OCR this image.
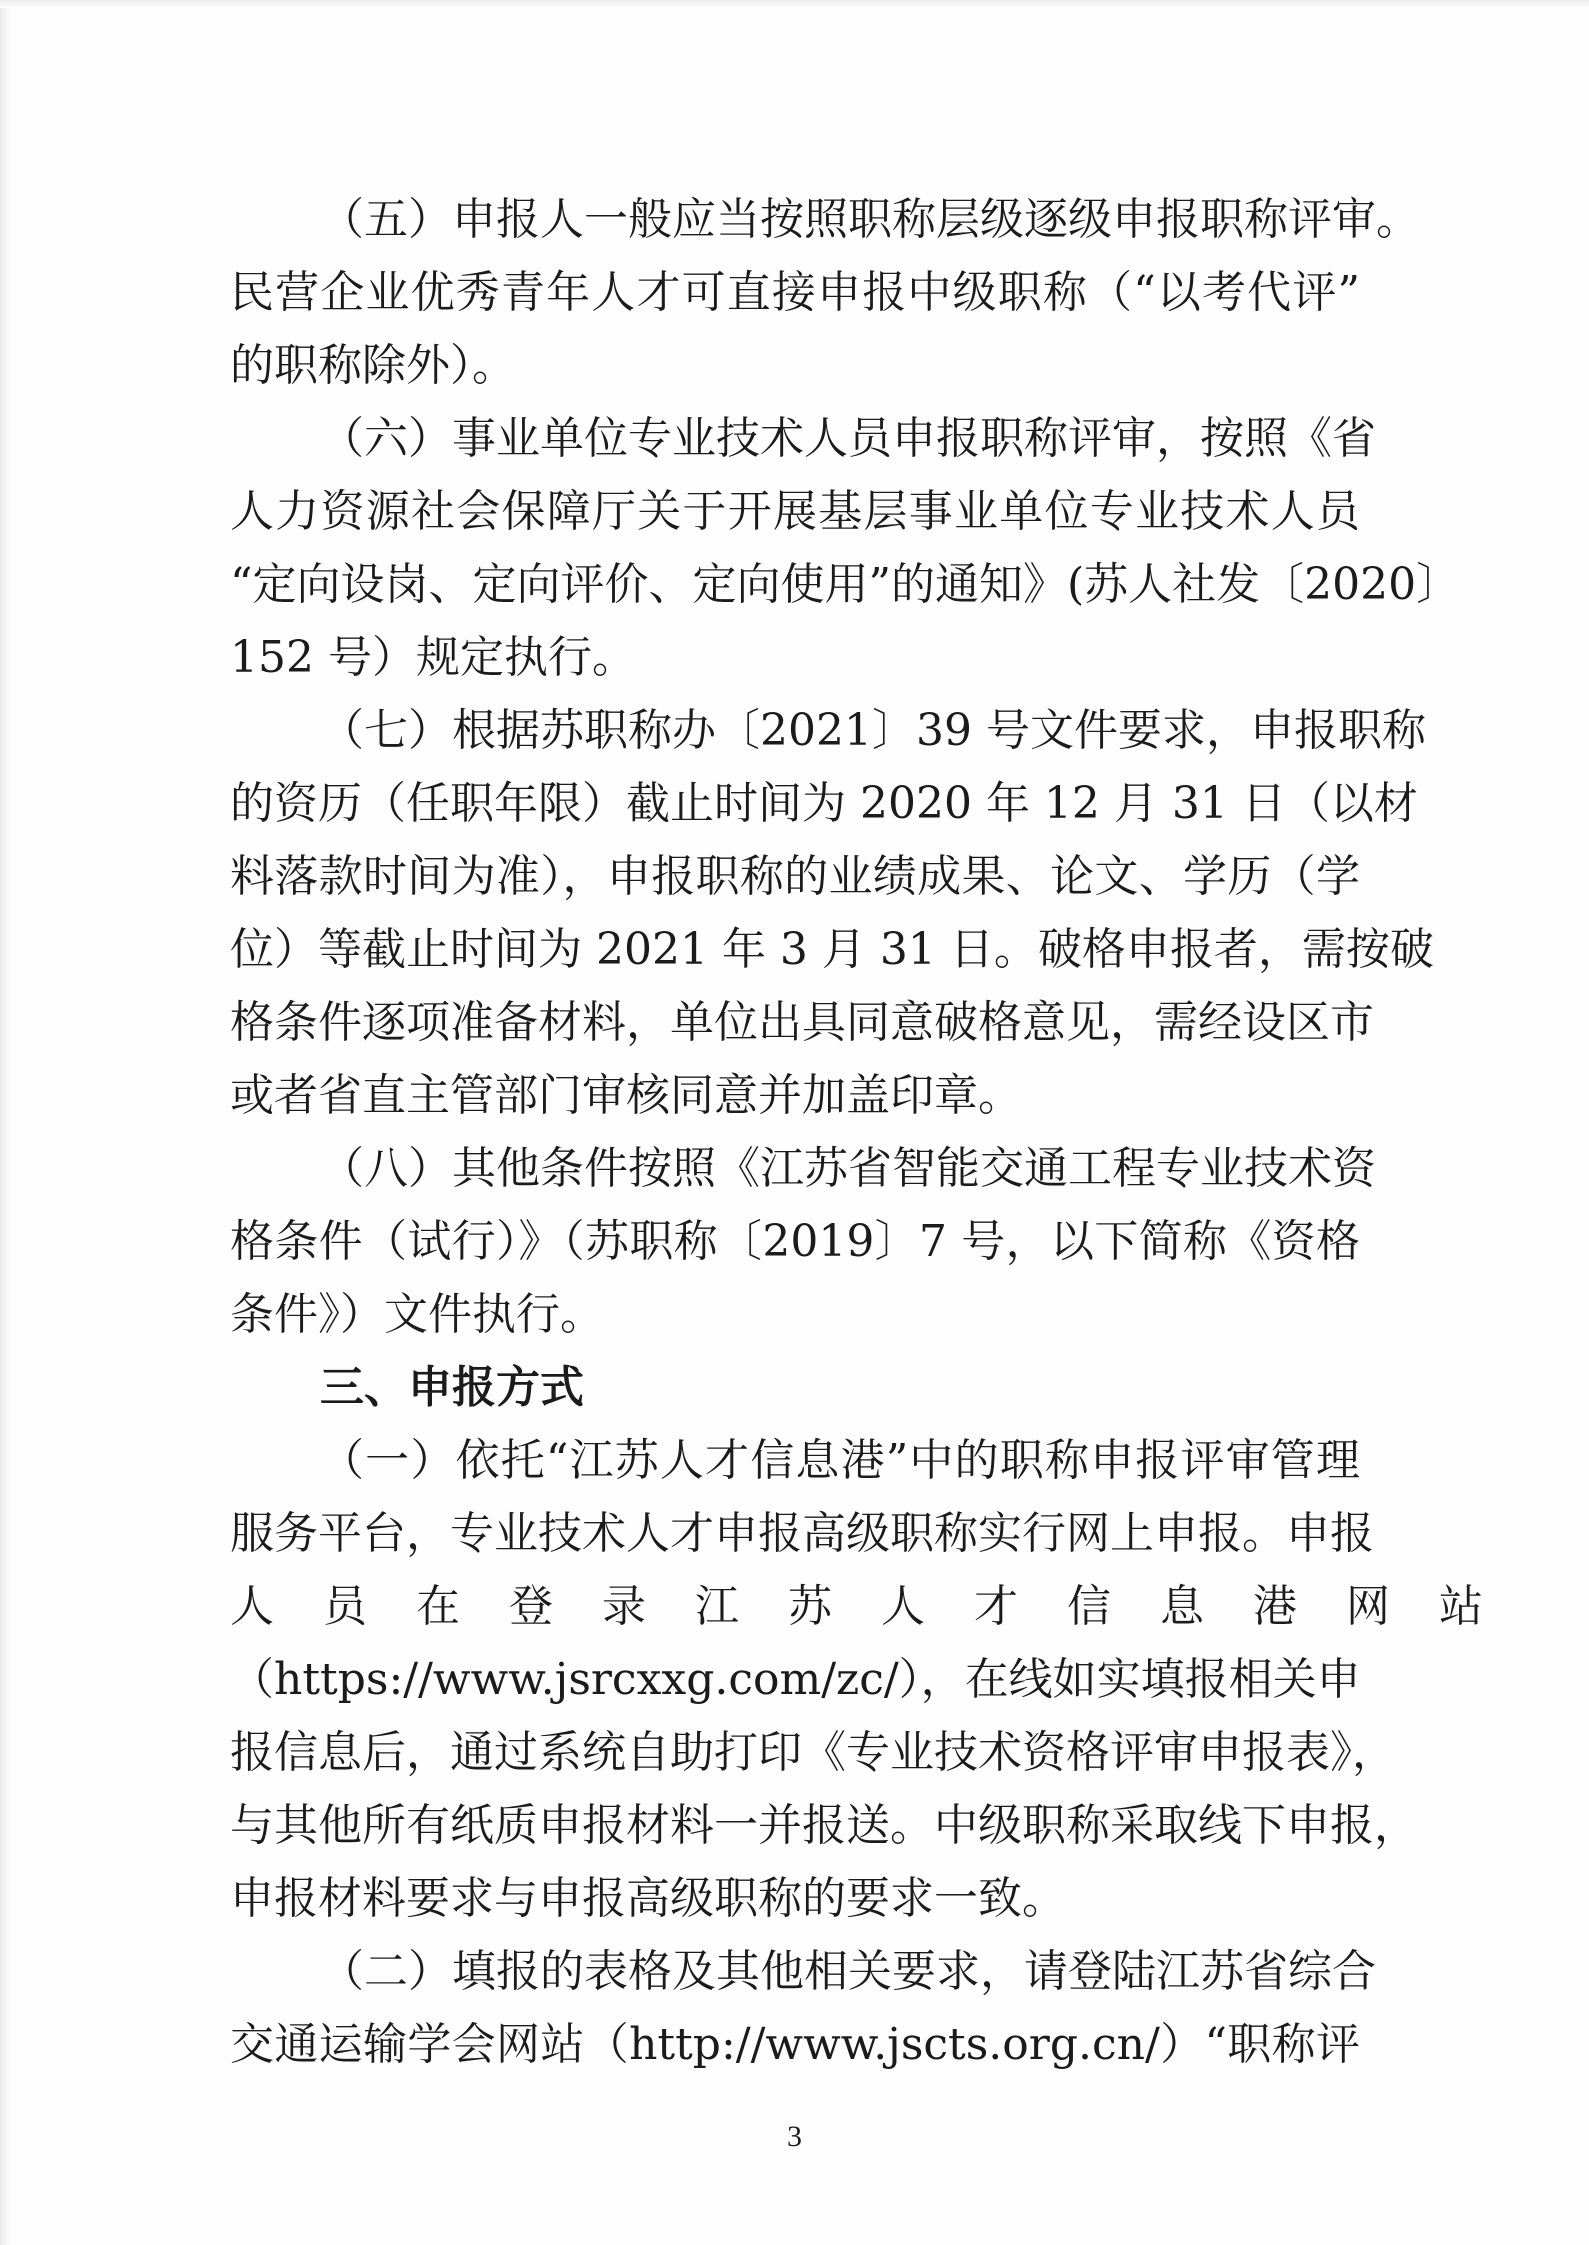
（五）申报人一般应当按照职称层级逐级申报职称评审。
民营企业优秀青年人才可直接申报中级职称（“以考代评”
的职称除外）。
（六）事业单位专业技术人员申报职称评审，按照《省
人力资源社会保障厅关于开展基层事业单位专业技术人员
“定向设岗、定向评价、定向使用”的通知》(苏人社发〔2020〕
152 号）规定执行。
（七）根据苏职称办〔2021〕39 号文件要求，申报职称
的资历（任职年限）截止时间为 2020 年 12 月 31 日（以材
料落款时间为准），申报职称的业绩成果、论文、学历（学
位）等截止时间为 2021 年 3 月 31 日。破格申报者，需按破
格条件逐项准备材料，单位出具同意破格意见，需经设区市
或者省直主管部门审核同意并加盖印章。
（八）其他条件按照《江苏省智能交通工程专业技术资
格条件（试行）》（苏职称〔2019〕7 号，以下简称《资格
条件》）文件执行。
三、申报方式
（一）依托“江苏人才信息港”中的职称申报评审管理
服务平台，专业技术人才申报高级职称实行网上申报。申报
人员在登录江苏人才信息港网站
（https://www.jsrcxxg.com/zc/），在线如实填报相关申
报信息后，通过系统自助打印《专业技术资格评审申报表》，
与其他所有纸质申报材料一并报送。中级职称采取线下申报，
申报材料要求与申报高级职称的要求一致。
（二）填报的表格及其他相关要求，请登陆江苏省综合
交通运输学会网站（http://www.jscts.org.cn/）“职称评
3
